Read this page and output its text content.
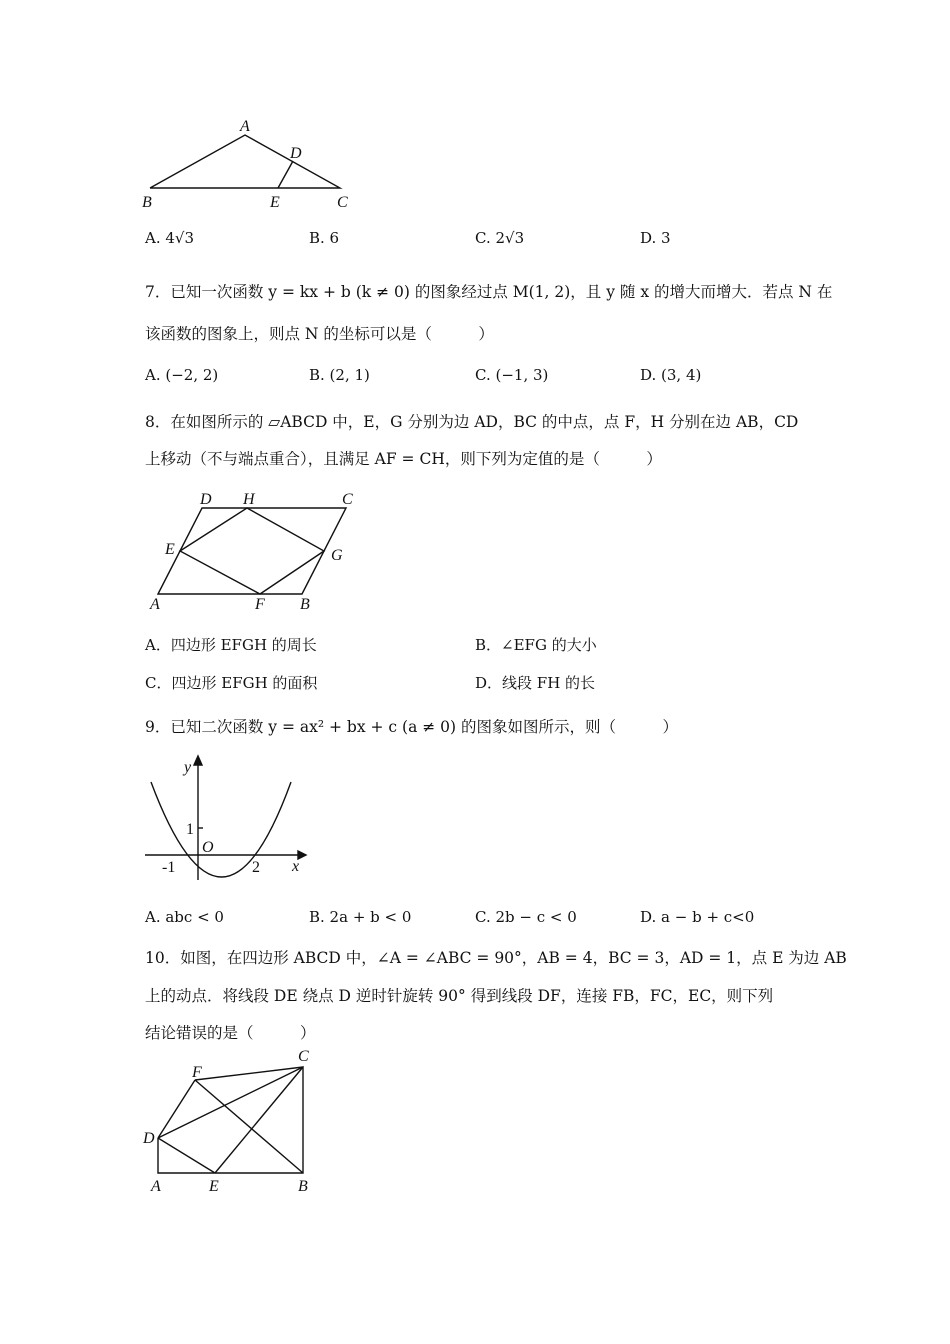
A
D
B	E	C
A. 4√3	B. 6	C. 2√3	D. 3
7．已知一次函数 y = kx + b (k ≠ 0) 的图象经过点 M(1, 2)，且 y 随 x 的增大而增大．若点 N 在
该函数的图象上，则点 N 的坐标可以是（　　　）
A. (−2, 2)	B. (2, 1)	C. (−1, 3)	D. (3, 4)
8．在如图所示的 ▱ABCD 中，E，G 分别为边 AD，BC 的中点，点 F，H 分别在边 AB，CD
上移动（不与端点重合），且满足 AF = CH，则下列为定值的是（　　　）
D H	C
E	G
A	F B
A．四边形 EFGH 的周长	B．∠EFG 的大小
C．四边形 EFGH 的面积	D．线段 FH 的长
9．已知二次函数 y = ax² + bx + c (a ≠ 0) 的图象如图所示，则（　　　）
y
x
O
1
-1	2
A. abc < 0	B. 2a + b < 0	C. 2b − c < 0	D. a − b + c<0
10．如图，在四边形 ABCD 中，∠A = ∠ABC = 90°，AB = 4，BC = 3，AD = 1，点 E 为边 AB
上的动点．将线段 DE 绕点 D 逆时针旋转 90° 得到线段 DF，连接 FB，FC，EC，则下列
结论错误的是（　　　）
C
F
D
A	E	B
